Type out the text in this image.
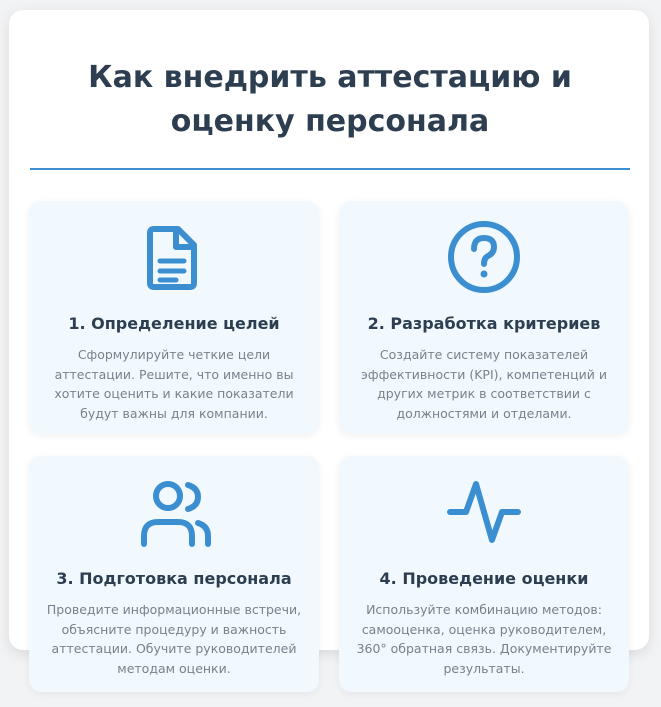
Как внедрить аттестацию и оценку персонала
1. Определение целей
Сформулируйте четкие цели аттестации. Решите, что именно вы хотите оценить и какие показатели будут важны для компании.
2. Разработка критериев
Создайте систему показателей эффективности (KPI), компетенций и других метрик в соответствии с должностями и отделами.
3. Подготовка персонала
Проведите информационные встречи, объясните процедуру и важность аттестации. Обучите руководителей методам оценки.
4. Проведение оценки
Используйте комбинацию методов: самооценка, оценка руководителем, 360° обратная связь. Документируйте результаты.
